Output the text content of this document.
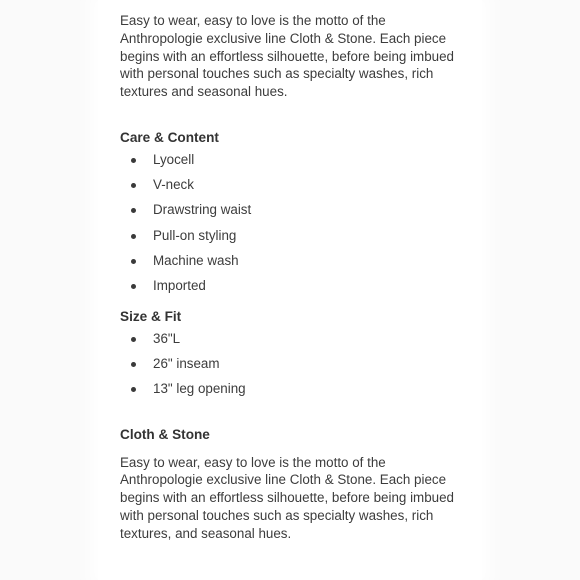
Easy to wear, easy to love is the motto of the Anthropologie exclusive line Cloth & Stone. Each piece begins with an effortless silhouette, before being imbued with personal touches such as specialty washes, rich textures and seasonal hues.

Care & Content
Lyocell
V-neck
Drawstring waist
Pull-on styling
Machine wash
Imported
Size & Fit
36"L
26" inseam
13" leg opening
Cloth & Stone

Easy to wear, easy to love is the motto of the Anthropologie exclusive line Cloth & Stone. Each piece begins with an effortless silhouette, before being imbued with personal touches such as specialty washes, rich textures, and seasonal hues.
